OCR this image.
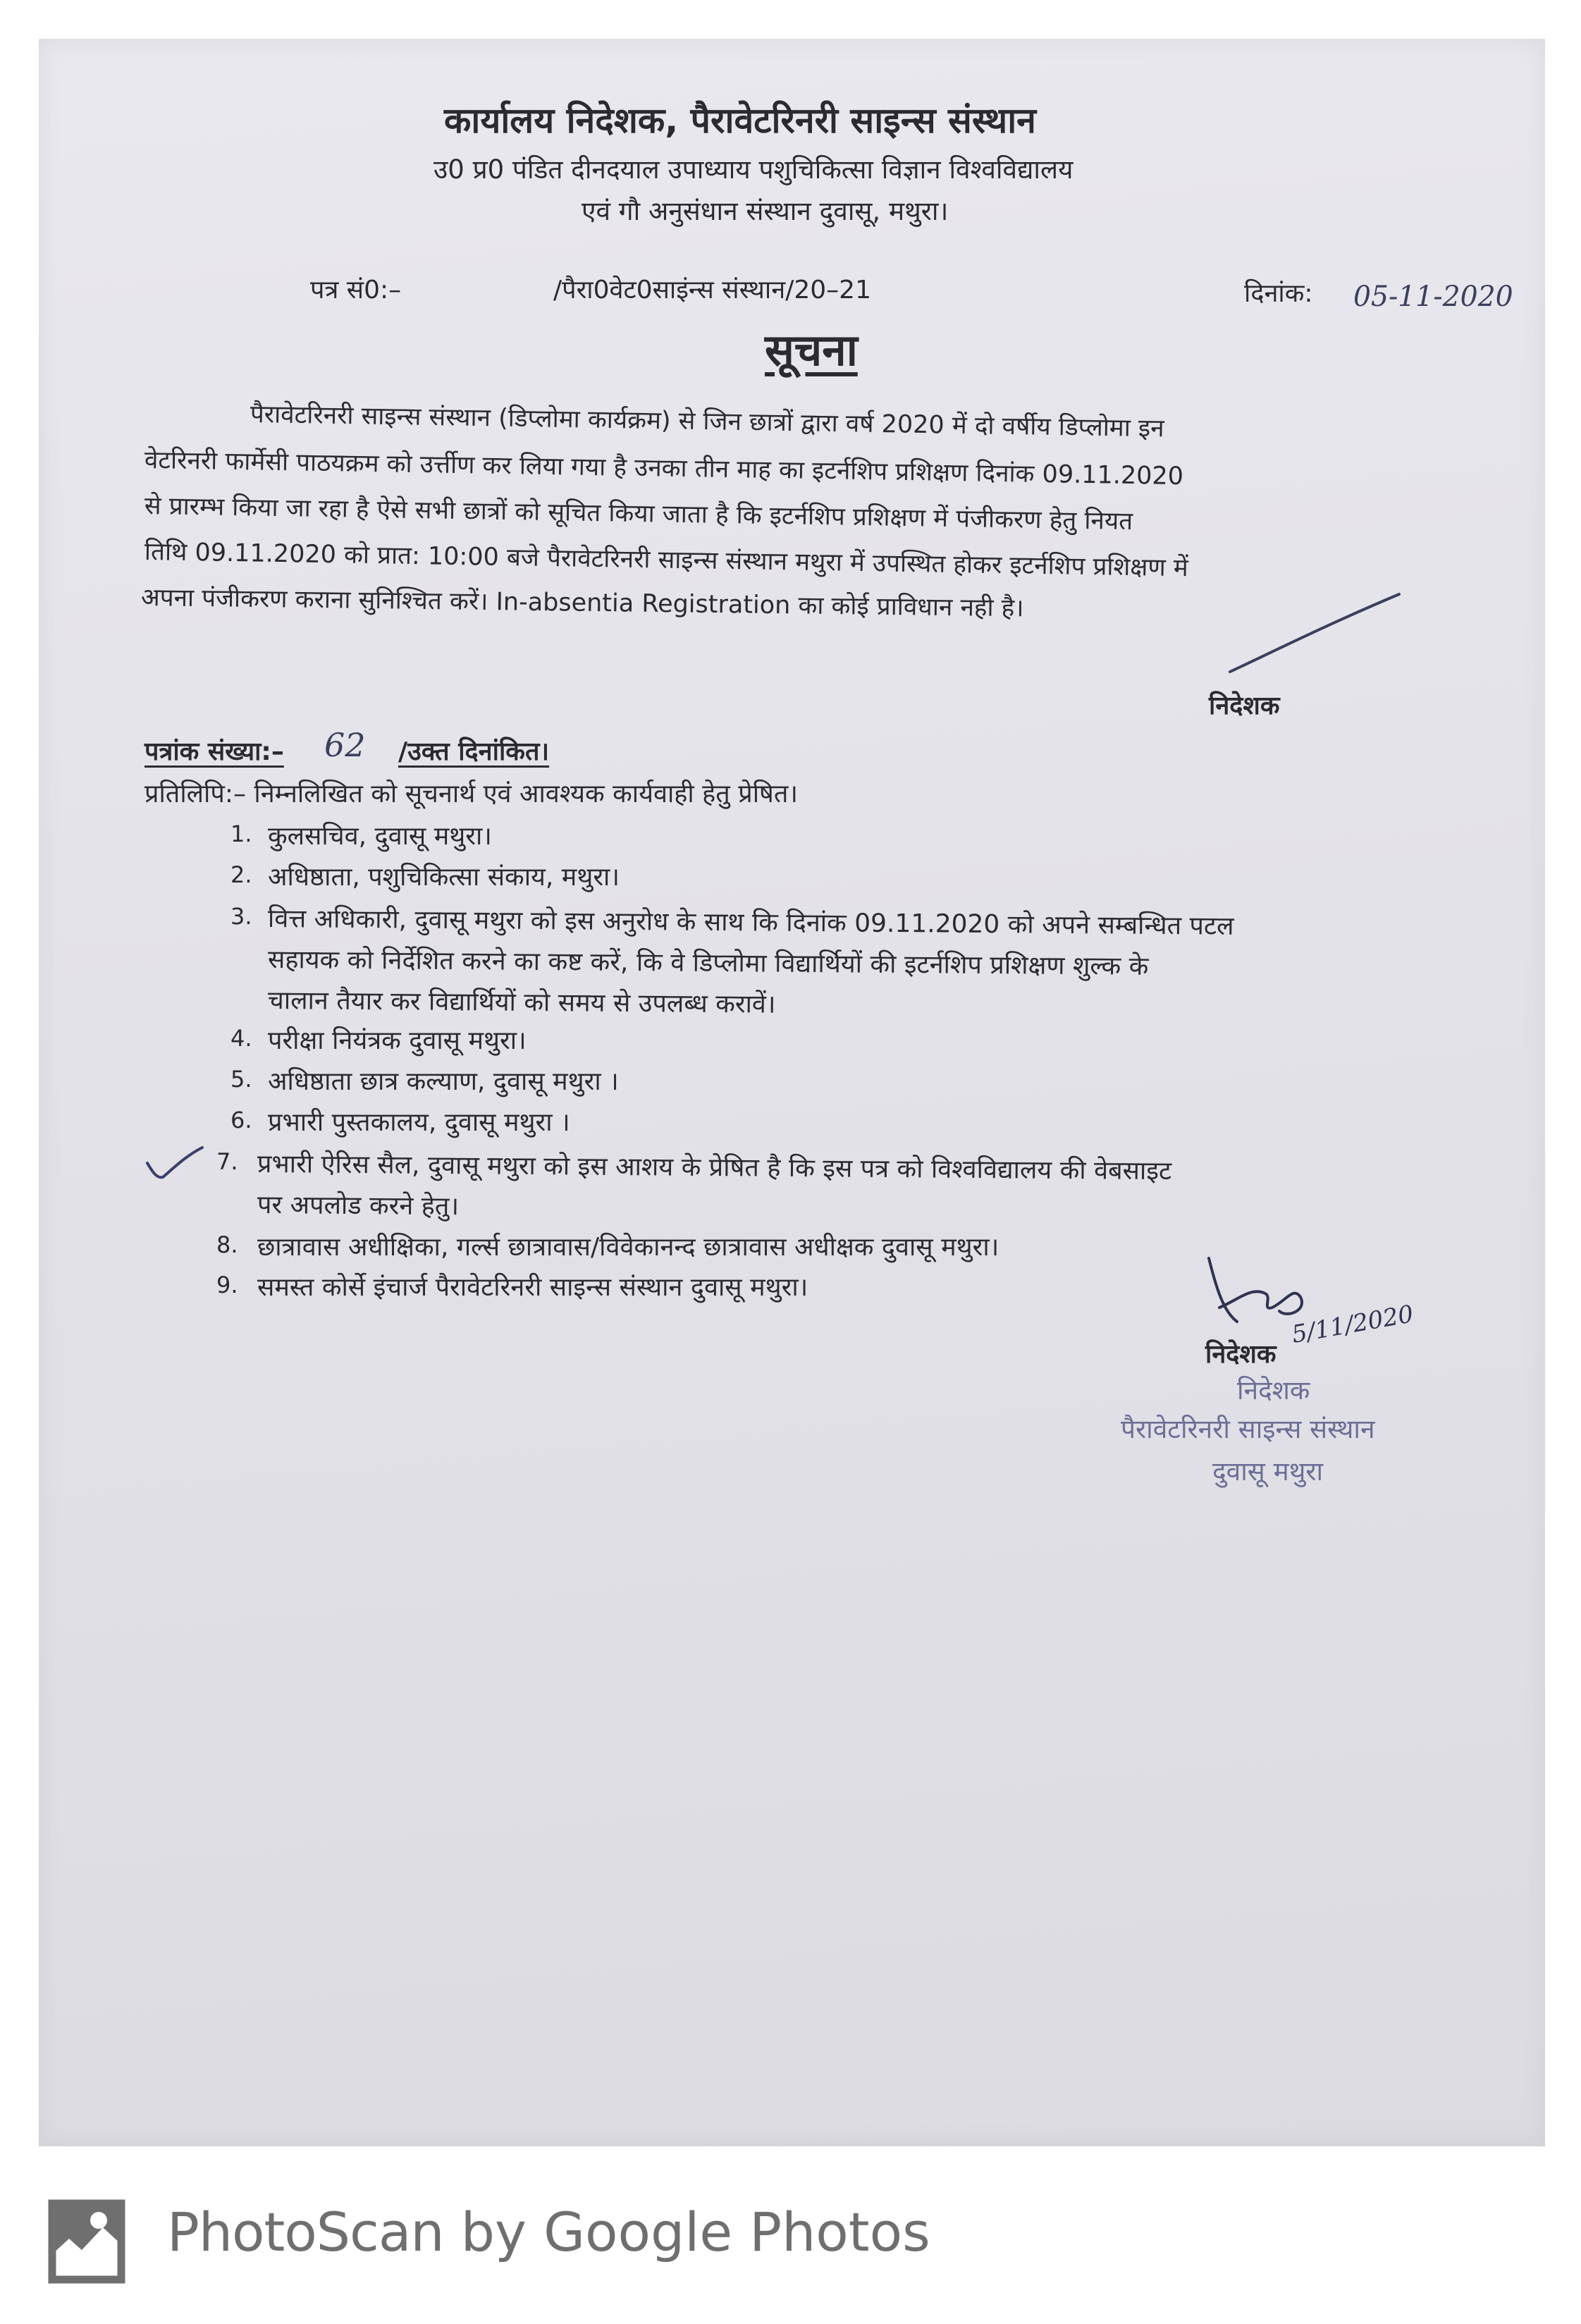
कार्यालय निदेशक, पैरावेटरिनरी साइन्स संस्थान
उ0 प्र0 पंडित दीनदयाल उपाध्याय पशुचिकित्सा विज्ञान विश्वविद्यालय
एवं गौ अनुसंधान संस्थान दुवासू, मथुरा।
पत्र सं0:–	/पैरा0वेट0साइंन्स संस्थान/20–21	दिनांक: 05-11-2020
सूचना
पैरावेटरिनरी साइन्स संस्थान (डिप्लोमा कार्यक्रम) से जिन छात्रों द्वारा वर्ष 2020 में दो वर्षीय डिप्लोमा इन
वेटरिनरी फार्मेसी पाठयक्रम को उर्त्तीण कर लिया गया है उनका तीन माह का इटर्नशिप प्रशिक्षण दिनांक 09.11.2020
से प्रारम्भ किया जा रहा है ऐसे सभी छात्रों को सूचित किया जाता है कि इटर्नशिप प्रशिक्षण में पंजीकरण हेतु नियत
तिथि 09.11.2020 को प्रात: 10:00 बजे पैरावेटरिनरी साइन्स संस्थान मथुरा में उपस्थित होकर इटर्नशिप प्रशिक्षण में
अपना पंजीकरण कराना सुनिश्चित करें। In-absentia Registration का कोई प्राविधान नही है।
निदेशक
पत्रांक संख्या:– 62 /उक्त दिनांकित।
प्रतिलिपि:– निम्नलिखित को सूचनार्थ एवं आवश्यक कार्यवाही हेतु प्रेषित।
1. कुलसचिव, दुवासू मथुरा।
2. अधिष्ठाता, पशुचिकित्सा संकाय, मथुरा।
3. वित्त अधिकारी, दुवासू मथुरा को इस अनुरोध के साथ कि दिनांक 09.11.2020 को अपने सम्बन्धित पटल
सहायक को निर्देशित करने का कष्ट करें, कि वे डिप्लोमा विद्यार्थियों की इटर्नशिप प्रशिक्षण शुल्क के
चालान तैयार कर विद्यार्थियों को समय से उपलब्ध करावें।
4. परीक्षा नियंत्रक दुवासू मथुरा।
5. अधिष्ठाता छात्र कल्याण, दुवासू मथुरा ।
6. प्रभारी पुस्तकालय, दुवासू मथुरा ।
7. प्रभारी ऐरिस सैल, दुवासू मथुरा को इस आशय के प्रेषित है कि इस पत्र को विश्वविद्यालय की वेबसाइट
पर अपलोड करने हेतु।
8. छात्रावास अधीक्षिका, गर्ल्स छात्रावास/विवेकानन्द छात्रावास अधीक्षक दुवासू मथुरा।
9. समस्त कोर्से इंचार्ज पैरावेटरिनरी साइन्स संस्थान दुवासू मथुरा।
5/11/2020
निदेशक
निदेशक
पैरावेटरिनरी साइन्स संस्थान
दुवासू मथुरा
PhotoScan by Google Photos
